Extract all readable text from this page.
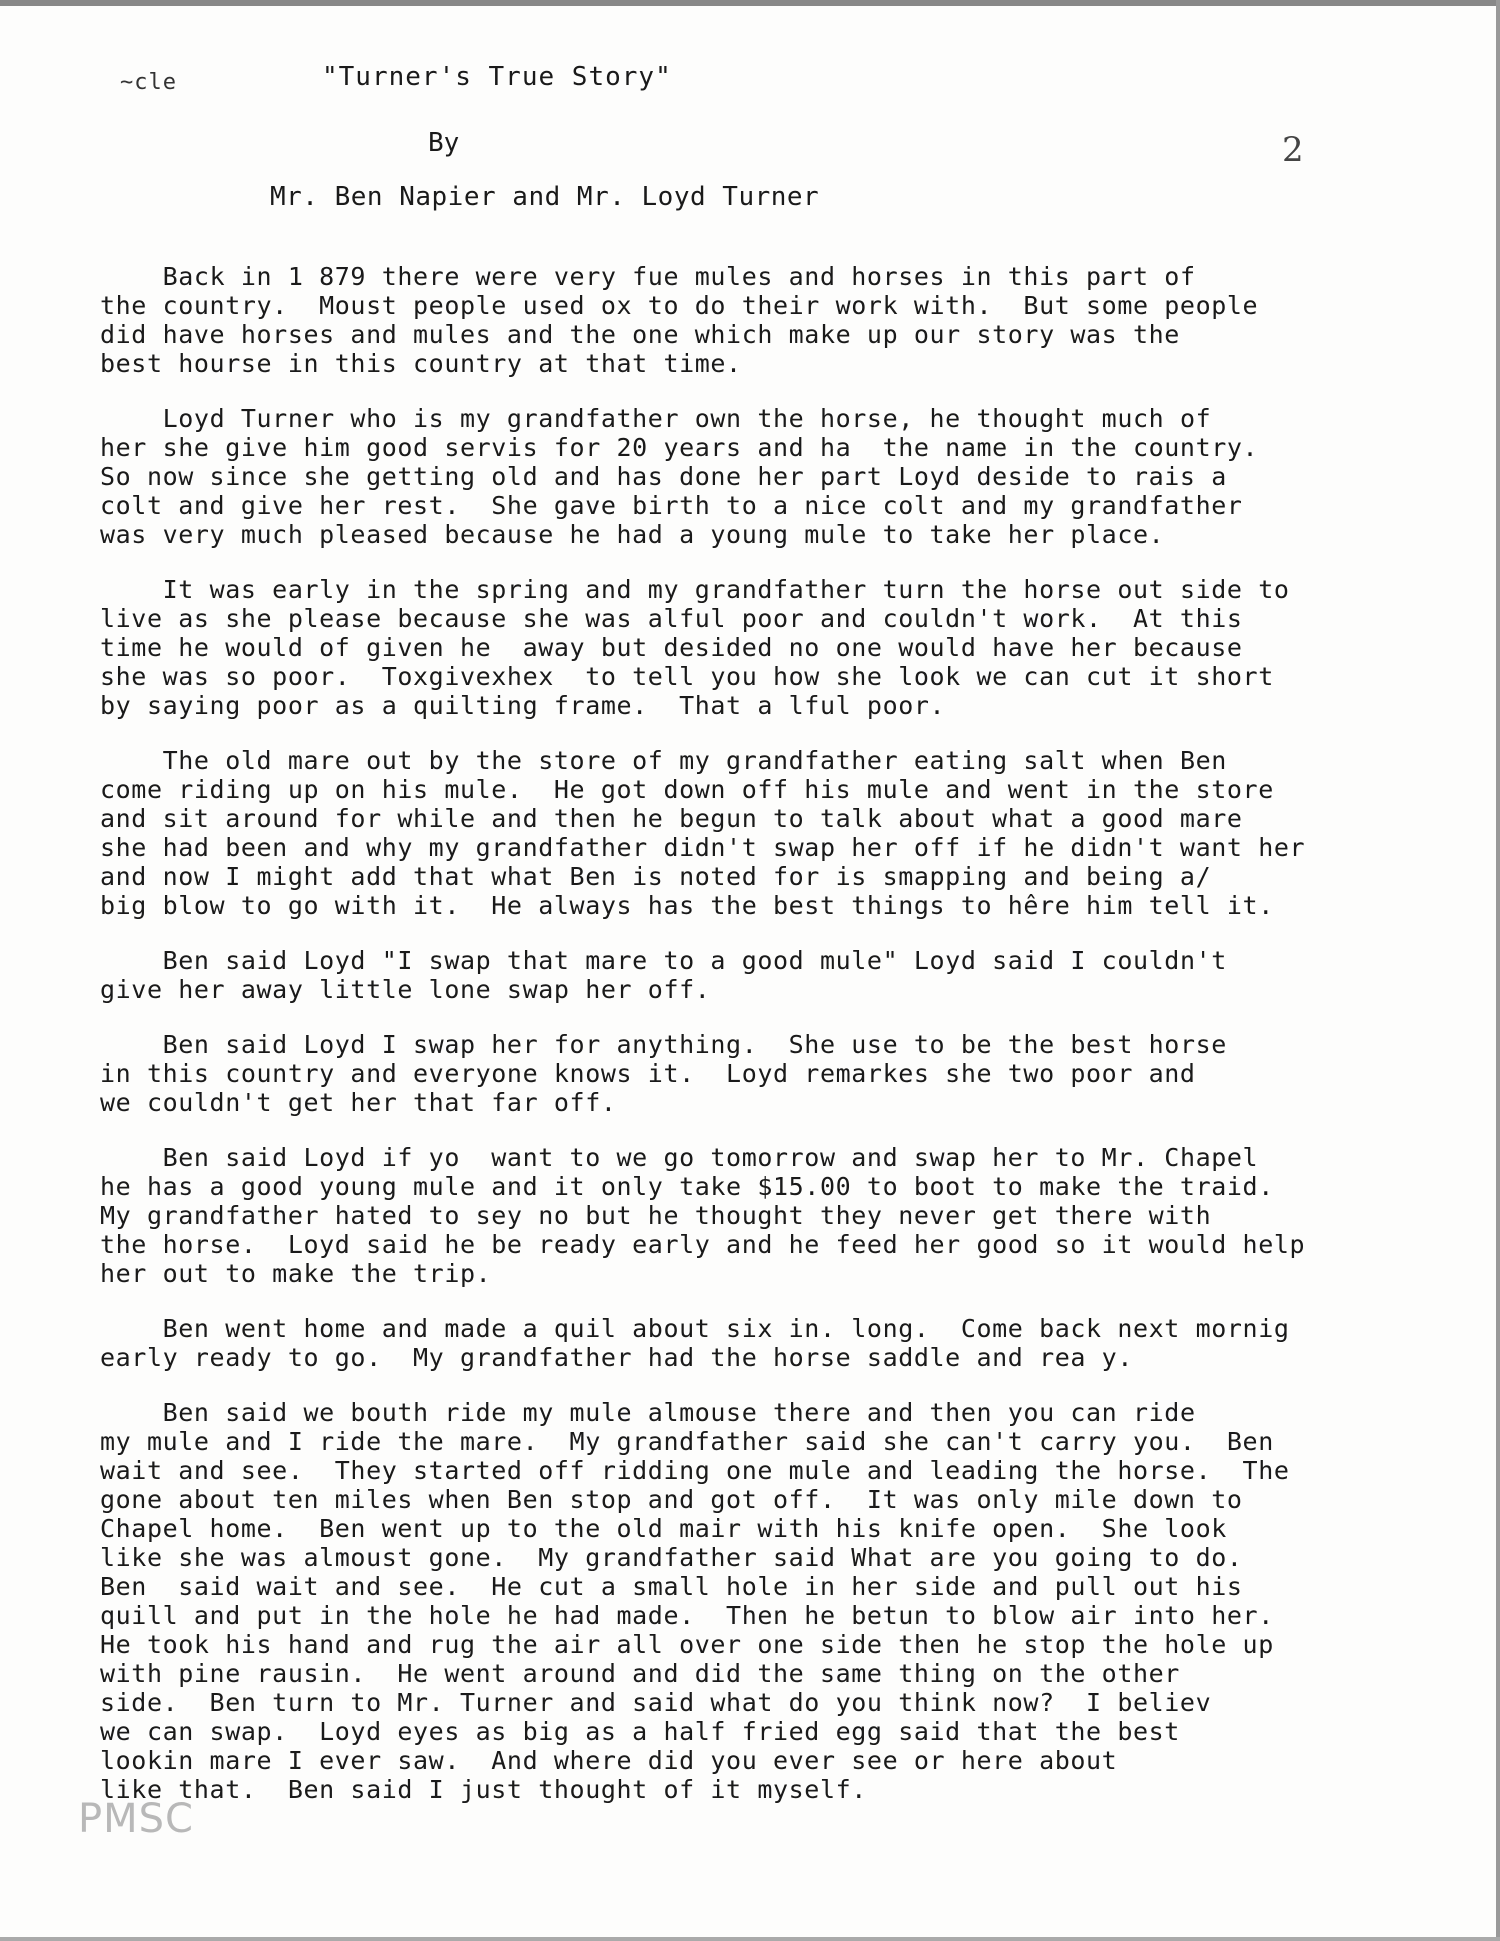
~cle	"Turner's True Story"
By	2
Mr. Ben Napier and Mr. Loyd Turner

Back in 1 879 there were very fue mules and horses in this part of
the country.  Moust people used ox to do their work with.  But some people
did have horses and mules and the one which make up our story was the
best hourse in this country at that time.

Loyd Turner who is my grandfather own the horse, he thought much of
her she give him good servis for 20 years and ha  the name in the country.
So now since she getting old and has done her part Loyd deside to rais a
colt and give her rest.  She gave birth to a nice colt and my grandfather
was very much pleased because he had a young mule to take her place.

It was early in the spring and my grandfather turn the horse out side to
live as she please because she was alful poor and couldn't work.  At this
time he would of given he  away but desided no one would have her because
she was so poor.  Toxgivexhex  to tell you how she look we can cut it short
by saying poor as a quilting frame.  That a lful poor.

The old mare out by the store of my grandfather eating salt when Ben
come riding up on his mule.  He got down off his mule and went in the store
and sit around for while and then he begun to talk about what a good mare
she had been and why my grandfather didn't swap her off if he didn't want her
and now I might add that what Ben is noted for is smapping and being a/
big blow to go with it.  He always has the best things to hêre him tell it.

Ben said Loyd "I swap that mare to a good mule" Loyd said I couldn't
give her away little lone swap her off.

Ben said Loyd I swap her for anything.  She use to be the best horse
in this country and everyone knows it.  Loyd remarkes she two poor and
we couldn't get her that far off.

Ben said Loyd if yo  want to we go tomorrow and swap her to Mr. Chapel
he has a good young mule and it only take $15.00 to boot to make the traid.
My grandfather hated to sey no but he thought they never get there with
the horse.  Loyd said he be ready early and he feed her good so it would help
her out to make the trip.

Ben went home and made a quil about six in. long.  Come back next mornig
early ready to go.  My grandfather had the horse saddle and rea y.

Ben said we bouth ride my mule almouse there and then you can ride
my mule and I ride the mare.  My grandfather said she can't carry you.  Ben
wait and see.  They started off ridding one mule and leading the horse.  The
gone about ten miles when Ben stop and got off.  It was only mile down to
Chapel home.  Ben went up to the old mair with his knife open.  She look
like she was almoust gone.  My grandfather said What are you going to do.
Ben  said wait and see.  He cut a small hole in her side and pull out his
quill and put in the hole he had made.  Then he betun to blow air into her.
He took his hand and rug the air all over one side then he stop the hole up
with pine rausin.  He went around and did the same thing on the other
side.  Ben turn to Mr. Turner and said what do you think now?  I believ
we can swap.  Loyd eyes as big as a half fried egg said that the best
lookin mare I ever saw.  And where did you ever see or here about
like that.  Ben said I just thought of it myself.

PMSC
